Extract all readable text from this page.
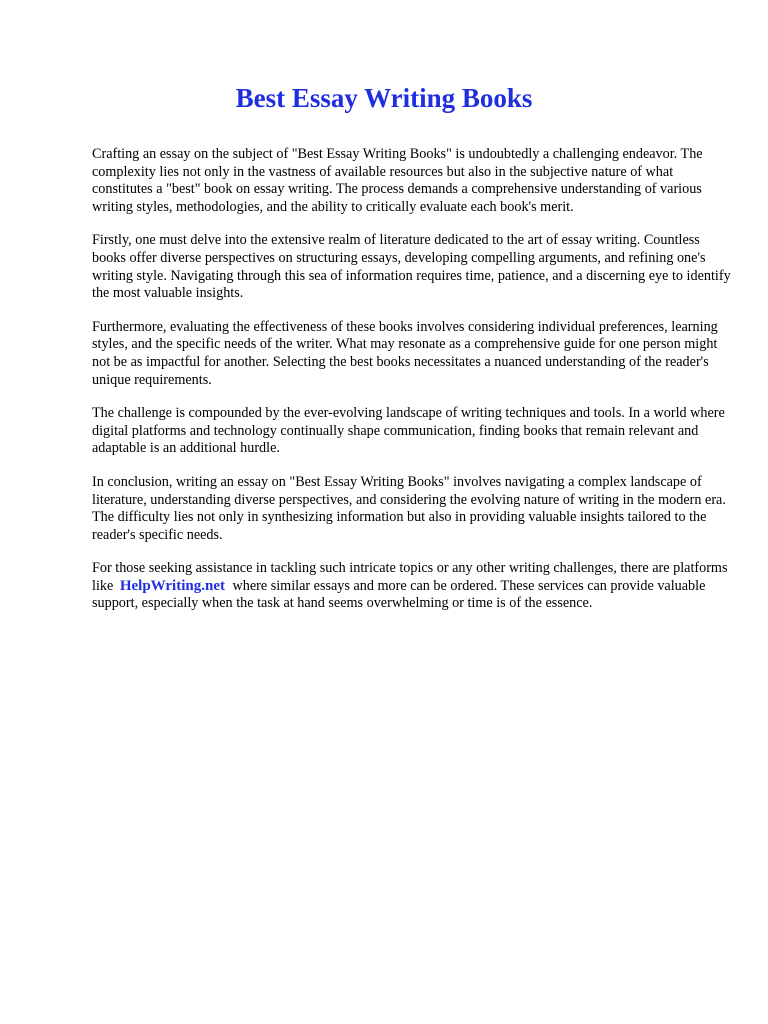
Best Essay Writing Books

Crafting an essay on the subject of "Best Essay Writing Books" is undoubtedly a challenging endeavor. The complexity lies not only in the vastness of available resources but also in the subjective nature of what constitutes a "best" book on essay writing. The process demands a comprehensive understanding of various writing styles, methodologies, and the ability to critically evaluate each book's merit.

Firstly, one must delve into the extensive realm of literature dedicated to the art of essay writing. Countless books offer diverse perspectives on structuring essays, developing compelling arguments, and refining one's writing style. Navigating through this sea of information requires time, patience, and a discerning eye to identify the most valuable insights.

Furthermore, evaluating the effectiveness of these books involves considering individual preferences, learning styles, and the specific needs of the writer. What may resonate as a comprehensive guide for one person might not be as impactful for another. Selecting the best books necessitates a nuanced understanding of the reader's unique requirements.

The challenge is compounded by the ever-evolving landscape of writing techniques and tools. In a world where digital platforms and technology continually shape communication, finding books that remain relevant and adaptable is an additional hurdle.

In conclusion, writing an essay on "Best Essay Writing Books" involves navigating a complex landscape of literature, understanding diverse perspectives, and considering the evolving nature of writing in the modern era. The difficulty lies not only in synthesizing information but also in providing valuable insights tailored to the reader's specific needs.

For those seeking assistance in tackling such intricate topics or any other writing challenges, there are platforms like HelpWriting.net where similar essays and more can be ordered. These services can provide valuable support, especially when the task at hand seems overwhelming or time is of the essence.
